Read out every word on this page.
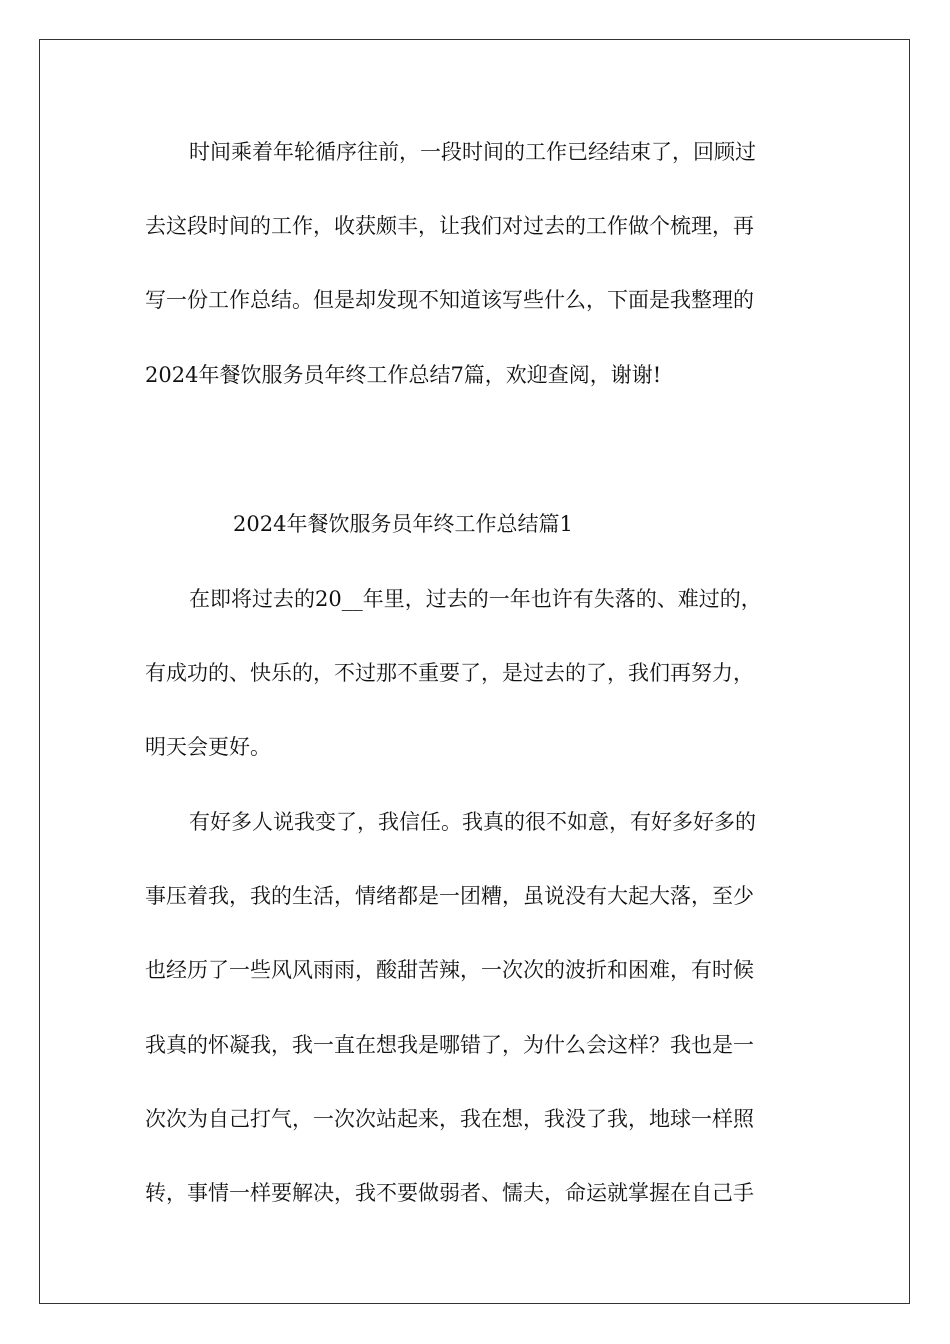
时间乘着年轮循序往前，一段时间的工作已经结束了，回顾过
去这段时间的工作，收获颇丰，让我们对过去的工作做个梳理，再
写一份工作总结。但是却发现不知道该写些什么，下面是我整理的
2024年餐饮服务员年终工作总结7篇，欢迎查阅，谢谢!
2024年餐饮服务员年终工作总结篇1
在即将过去的20__年里，过去的一年也许有失落的、难过的，
有成功的、快乐的，不过那不重要了，是过去的了，我们再努力，
明天会更好。
有好多人说我变了，我信任。我真的很不如意，有好多好多的
事压着我，我的生活，情绪都是一团糟，虽说没有大起大落，至少
也经历了一些风风雨雨，酸甜苦辣，一次次的波折和困难，有时候
我真的怀凝我，我一直在想我是哪错了，为什么会这样？我也是一
次次为自己打气，一次次站起来，我在想，我没了我，地球一样照
转，事情一样要解决，我不要做弱者、懦夫，命运就掌握在自己手
